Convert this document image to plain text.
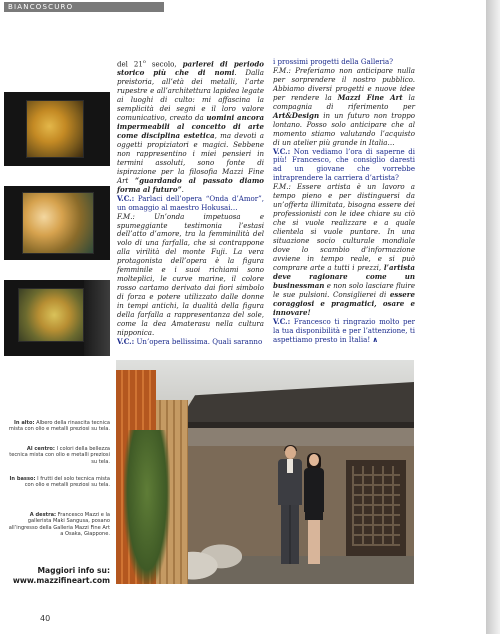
BIANCOSCURO

del 21$^o$ secolo, parlerei di periodo storico più che di nomi. Dalla preistoria, all’età dei metalli, l’arte rupestre e all’architettura lapidea legate ai luoghi di culto: mi affascina la semplicità dei segni e il loro valore comunicativo, creato da uomini ancora impermeabili al concetto di arte come disciplina estetica, ma devoti a oggetti propiziatori e magici. Sebbene non rappresentino i miei pensieri in termini assoluti, sono fonte di ispirazione per la filosofia Mazzi Fine Art “guardando al passato diamo forma al futuro”.

V.C.: Parlaci dell’opera “Onda d’Amor”, un omaggio al maestro Hokusai…

F.M.: Un’onda impetuosa e spumeggiante testimonia l’estasi dell’atto d’amore, tra la femminilità del volo di una farfalla, che si contrappone alla virilità del monte Fuji. La vera protagonista dell’opera è la figura femminile e i suoi richiami sono molteplici, le curve marine, il colore rosso cartamo derivato dai fiori simbolo di forza e potere utilizzato dalle donne in tempi antichi, la dualità della figura della farfalla a rappresentanza del sole, come la dea Amaterasu nella cultura nipponica.

V.C.: Un’opera bellissima. Quali saranno

i prossimi progetti della Galleria?

F.M.: Preferiamo non anticipare nulla per sorprendere il nostro pubblico. Abbiamo diversi progetti e nuove idee per rendere la Mazzi Fine Art la compagnia di riferimento per Art&Design in un futuro non troppo lontano. Posso solo anticipare che al momento stiamo valutando l’acquisto di un atelier più grande in Italia…

V.C.: Non vediamo l’ora di saperne di più! Francesco, che consiglio daresti ad un giovane che vorrebbe intraprendere la carriera d’artista?

F.M.: Essere artista è un lavoro a tempo pieno e per distinguersi da un’offerta illimitata, bisogna essere dei professionisti con le idee chiare su ciò che si vuole realizzare e a quale clientela si vuole puntare. In una situazione socio culturale mondiale dove lo scambio d’informazione avviene in tempo reale, e si può comprare arte a tutti i prezzi, l’artista deve ragionare come un businessman e non solo lasciare fluire le sue pulsioni. Consiglierei di essere coraggiosi e pragmatici, osare e innovare!

V.C.: Francesco ti ringrazio molto per la tua disponibilità e per l’attenzione, ti aspettiamo presto in Italia! ∧

In alto: Albero della rinascita tecnica mista con olio e metalli preziosi su tela.
Al centro: I colori della bellezza tecnica mista con olio e metalli preziosi su tela.
In basso: I frutti del solo tecnica mista con olio e metalli preziosi su tela.
A destra: Francesco Mazzi e la gallerista Maki Sangusa, posano all’ingresso della Galleria Mazzi Fine Art a Osaka, Giappone.
Maggiori info su:
www.mazzifineart.com
40
